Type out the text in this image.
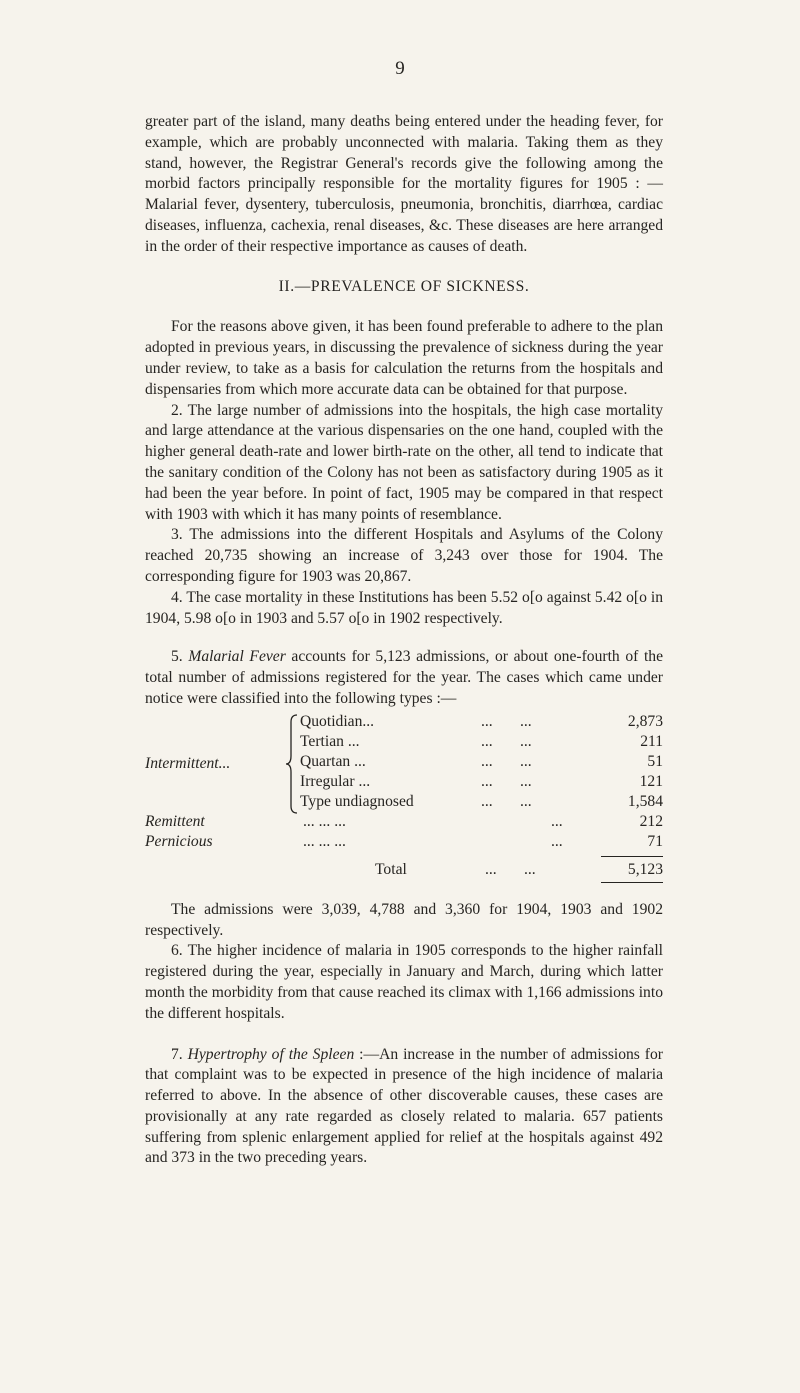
9

greater part of the island, many deaths being entered under the heading fever, for example, which are probably unconnected with malaria. Taking them as they stand, however, the Registrar General's records give the following among the morbid factors principally responsible for the mortality figures for 1905 : — Malarial fever, dysentery, tuberculosis, pneumonia, bronchitis, diarrhœa, cardiac diseases, influenza, cachexia, renal diseases, &c. These diseases are here arranged in the order of their respective importance as causes of death.

II.—PREVALENCE OF SICKNESS.

For the reasons above given, it has been found preferable to adhere to the plan adopted in previous years, in discussing the prevalence of sickness during the year under review, to take as a basis for calculation the returns from the hospitals and dispensaries from which more accurate data can be obtained for that purpose.

2. The large number of admissions into the hospitals, the high case mortality and large attendance at the various dispensaries on the one hand, coupled with the higher general death-rate and lower birth-rate on the other, all tend to indicate that the sanitary condition of the Colony has not been as satisfactory during 1905 as it had been the year before. In point of fact, 1905 may be compared in that respect with 1903 with which it has many points of resemblance.

3. The admissions into the different Hospitals and Asylums of the Colony reached 20,735 showing an increase of 3,243 over those for 1904. The corresponding figure for 1903 was 20,867.

4. The case mortality in these Institutions has been 5.52 o[o against 5.42 o[o in 1904, 5.98 o[o in 1903 and 5.57 o[o in 1902 respectively.

5. Malarial Fever accounts for 5,123 admissions, or about one-fourth of the total number of admissions registered for the year. The cases which came under notice were classified into the following types :—

Intermittent...
Quotidian...	... ...	2,873
Tertian ...	... ...	211
Quartan ...	... ...	51
Irregular ...	... ...	121
Type undiagnosed	... ...	1,584
Remittent	... ... ...	...	212
Pernicious	... ... ...	...	71
Total	... ...	5,123

The admissions were 3,039, 4,788 and 3,360 for 1904, 1903 and 1902 respectively.

6. The higher incidence of malaria in 1905 corresponds to the higher rainfall registered during the year, especially in January and March, during which latter month the morbidity from that cause reached its climax with 1,166 admissions into the different hospitals.

7. Hypertrophy of the Spleen :—An increase in the number of admissions for that complaint was to be expected in presence of the high incidence of malaria referred to above. In the absence of other discoverable causes, these cases are provisionally at any rate regarded as closely related to malaria. 657 patients suffering from splenic enlargement applied for relief at the hospitals against 492 and 373 in the two preceding years.
